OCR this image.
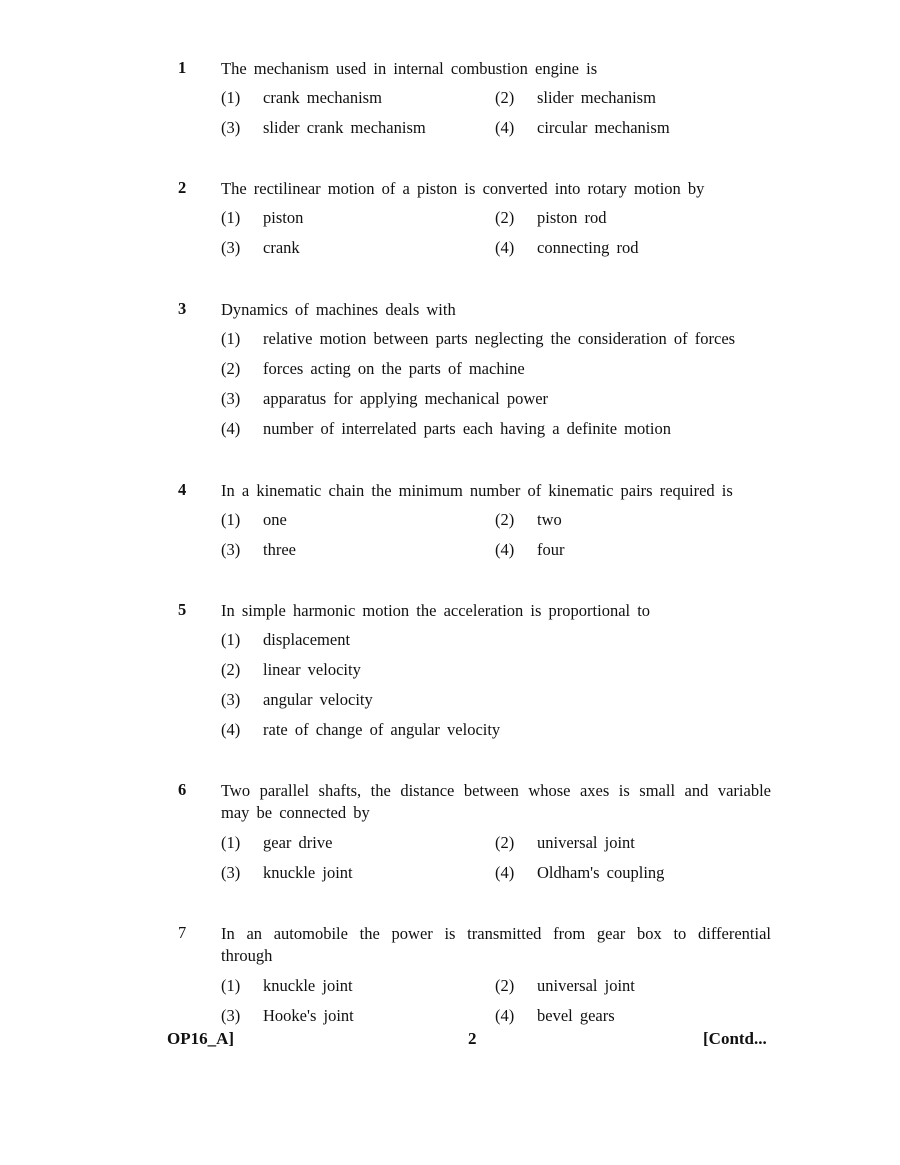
1 The mechanism used in internal combustion engine is
(1) crank mechanism	(2) slider mechanism
(3) slider crank mechanism	(4) circular mechanism
2 The rectilinear motion of a piston is converted into rotary motion by
(1) piston	(2) piston rod
(3) crank	(4) connecting rod
3 Dynamics of machines deals with
(1) relative motion between parts neglecting the consideration of forces
(2) forces acting on the parts of machine
(3) apparatus for applying mechanical power
(4) number of interrelated parts each having a definite motion
4 In a kinematic chain the minimum number of kinematic pairs required is
(1) one	(2) two
(3) three	(4) four
5 In simple harmonic motion the acceleration is proportional to
(1) displacement
(2) linear velocity
(3) angular velocity
(4) rate of change of angular velocity
6 Two parallel shafts, the distance between whose axes is small and variable may be connected by
(1) gear drive	(2) universal joint
(3) knuckle joint	(4) Oldham's coupling
7 In an automobile the power is transmitted from gear box to differential through
(1) knuckle joint	(2) universal joint
(3) Hooke's joint	(4) bevel gears
OP16_A]	2	[Contd...
